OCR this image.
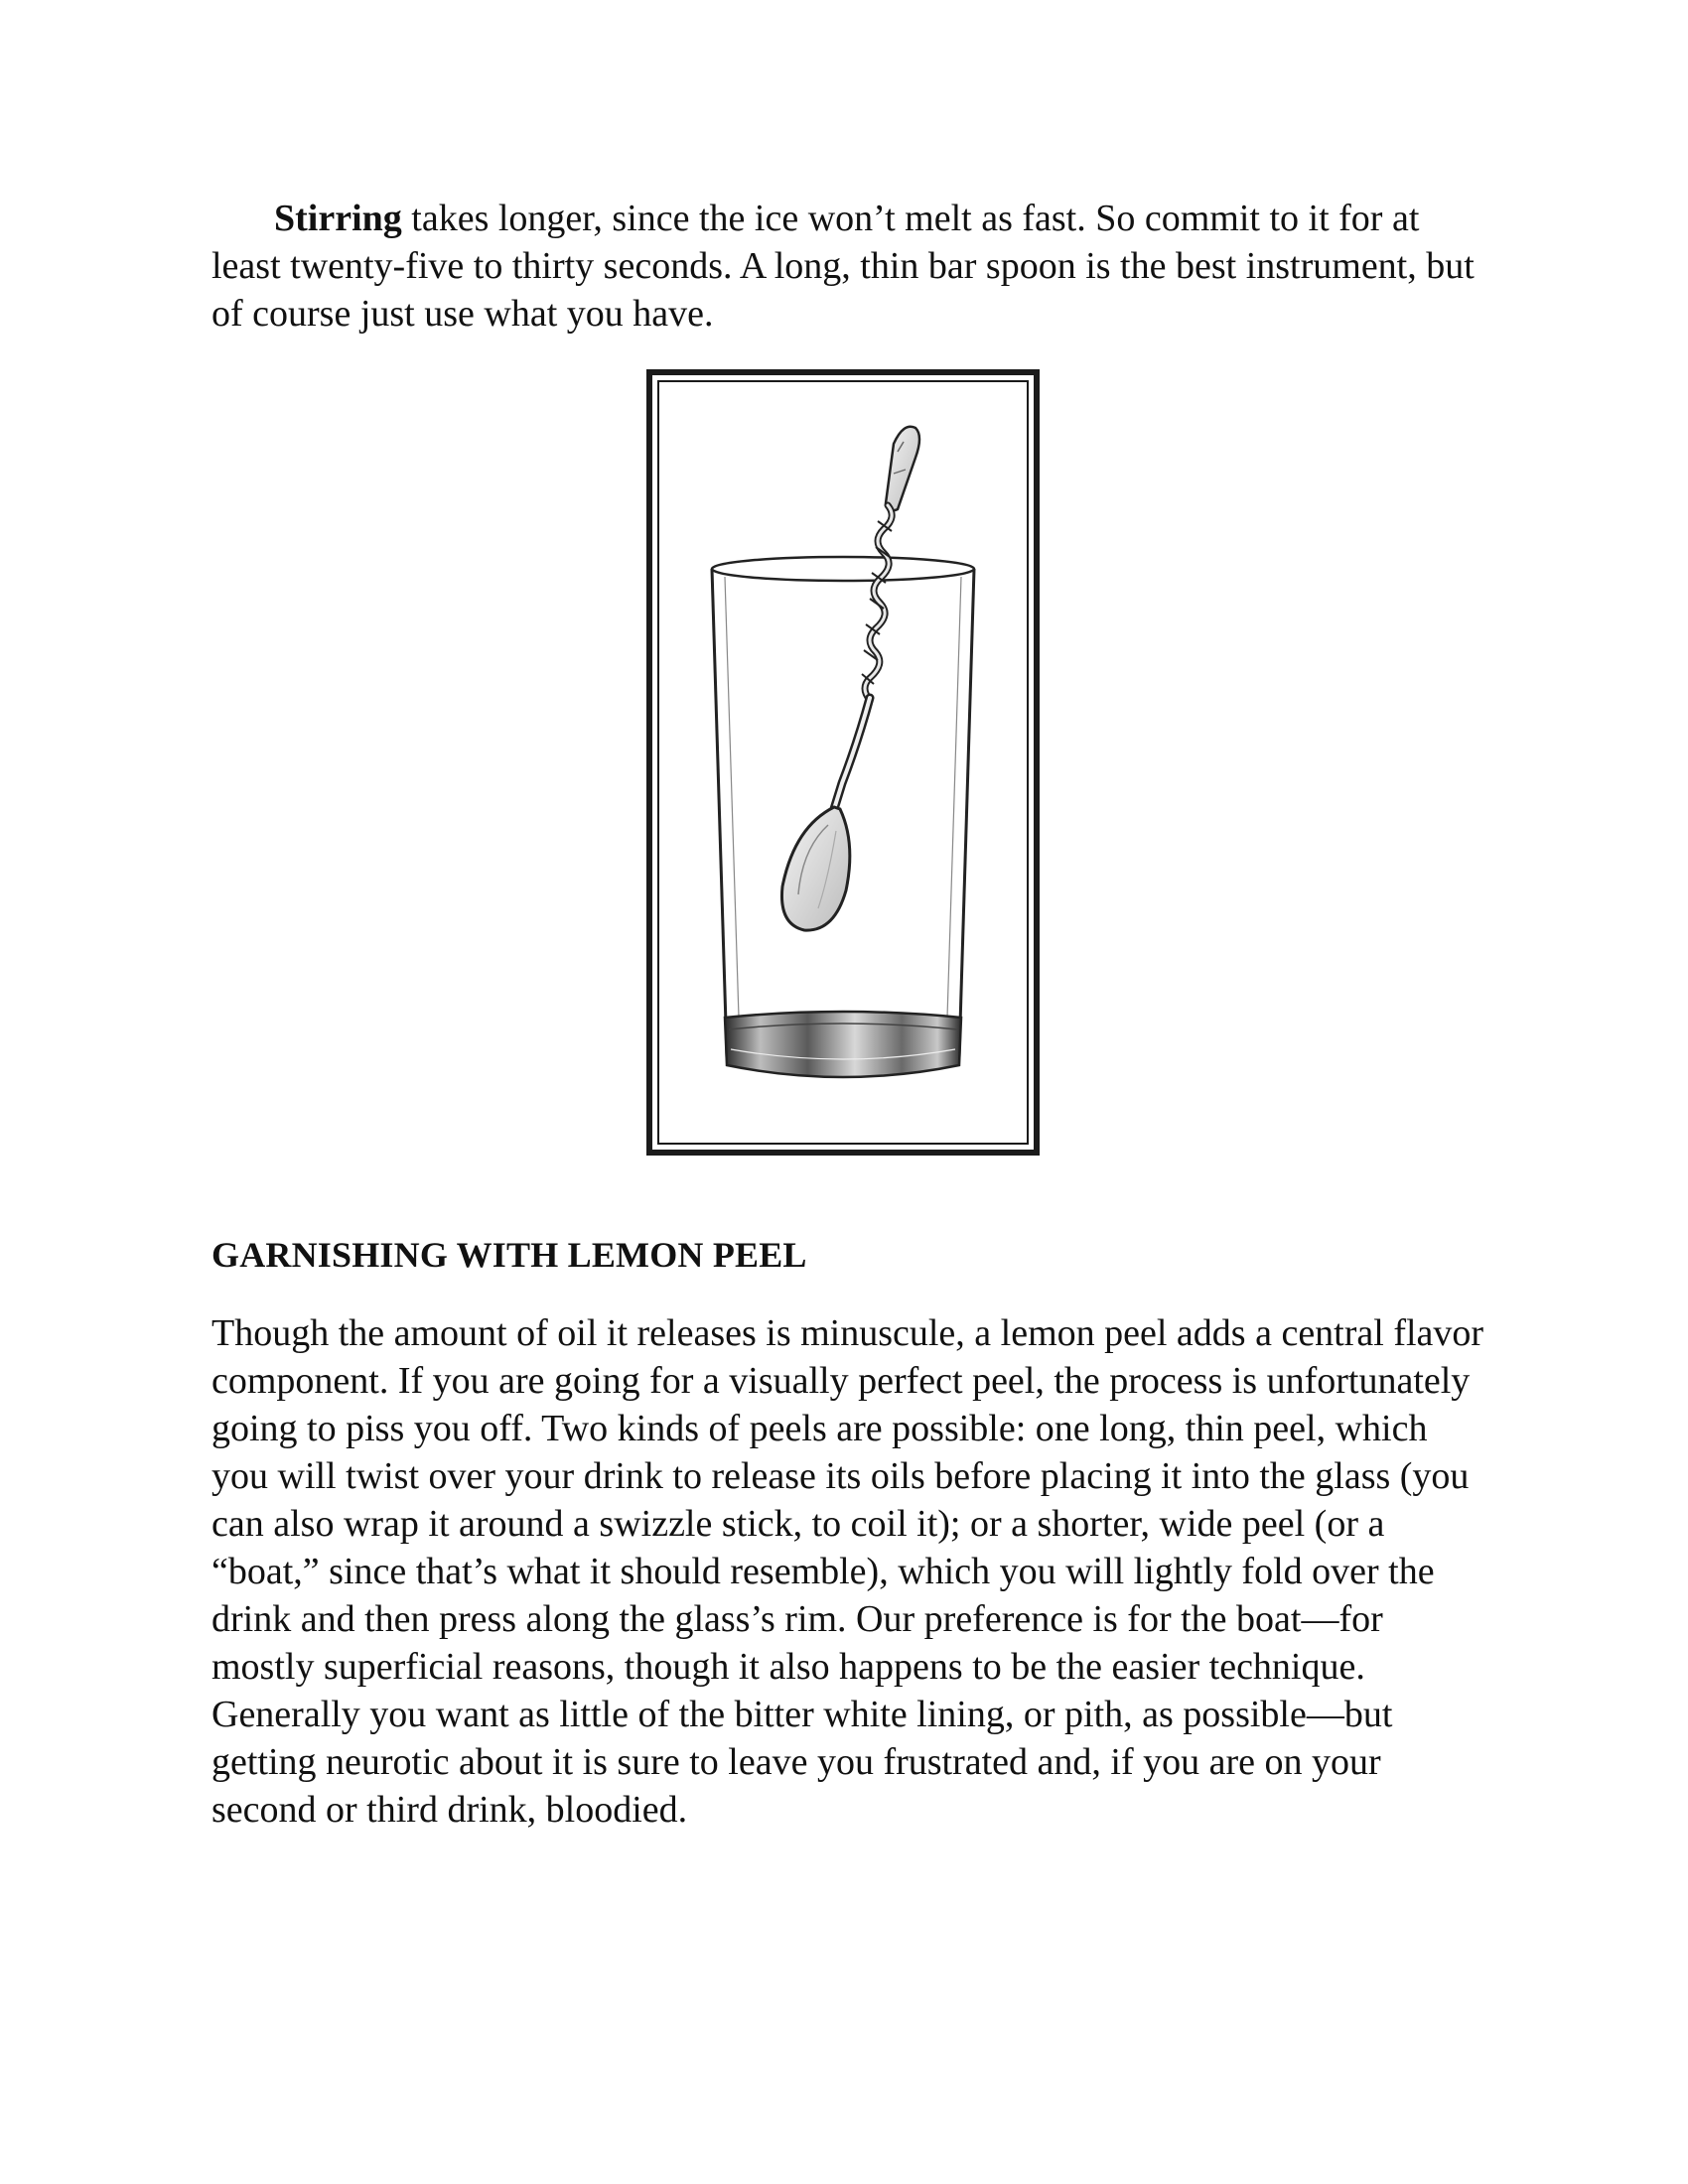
Stirring takes longer, since the ice won’t melt as fast. So commit to it for at least twenty-five to thirty seconds. A long, thin bar spoon is the best instrument, but of course just use what you have.

GARNISHING WITH LEMON PEEL

Though the amount of oil it releases is minuscule, a lemon peel adds a central flavor component. If you are going for a visually perfect peel, the process is unfortunately going to piss you off. Two kinds of peels are possible: one long, thin peel, which you will twist over your drink to release its oils before placing it into the glass (you can also wrap it around a swizzle stick, to coil it); or a shorter, wide peel (or a “boat,” since that’s what it should resemble), which you will lightly fold over the drink and then press along the glass’s rim. Our preference is for the boat—for mostly superficial reasons, though it also happens to be the easier technique. Generally you want as little of the bitter white lining, or pith, as possible—but getting neurotic about it is sure to leave you frustrated and, if you are on your second or third drink, bloodied.
